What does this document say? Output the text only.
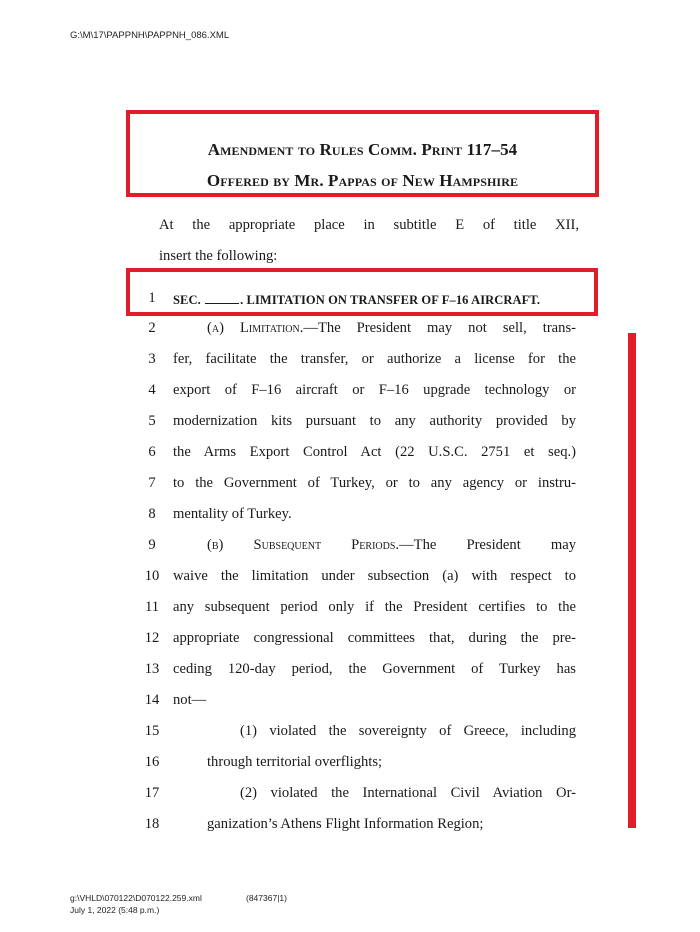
G:\M\17\PAPPNH\PAPPNH_086.XML
Amendment to Rules Comm. Print 117–54
Offered by Mr. Pappas of New Hampshire
At the appropriate place in subtitle E of title XII,
insert the following:
1	SEC.	. LIMITATION ON TRANSFER OF F–16 AIRCRAFT.
2	(a) Limitation.—The President may not sell, trans-
3	fer, facilitate the transfer, or authorize a license for the
4	export of F–16 aircraft or F–16 upgrade technology or
5	modernization kits pursuant to any authority provided by
6	the Arms Export Control Act (22 U.S.C. 2751 et seq.)
7	to the Government of Turkey, or to any agency or instru-
8	mentality of Turkey.
9	(b) Subsequent Periods.—The President may
10 waive the limitation under subsection (a) with respect to
11 any subsequent period only if the President certifies to the
12 appropriate congressional committees that, during the pre-
13 ceding 120-day period, the Government of Turkey has
14 not—
15	(1) violated the sovereignty of Greece, including
16	through territorial overflights;
17	(2) violated the International Civil Aviation Or-
18	ganization’s Athens Flight Information Region;
g:\VHLD\070122\D070122.259.xml	(847367|1)
July 1, 2022 (5:48 p.m.)
